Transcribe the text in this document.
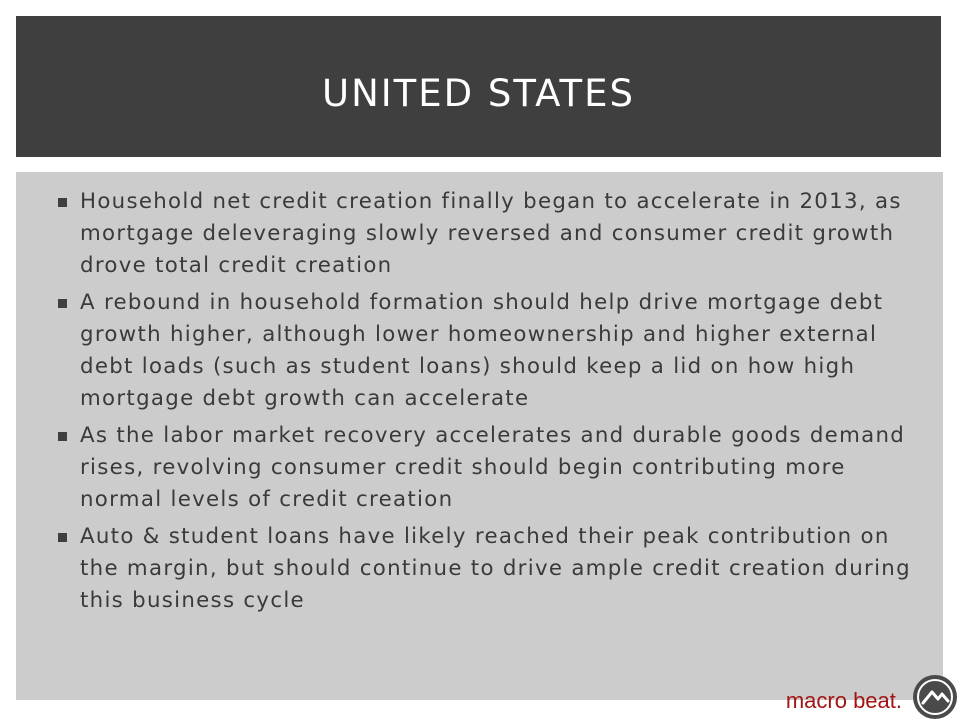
UNITED STATES
Household net credit creation finally began to accelerate in 2013, as mortgage deleveraging slowly reversed and consumer credit growth drove total credit creation
A rebound in household formation should help drive mortgage debt growth higher, although lower homeownership and higher external debt loads (such as student loans) should keep a lid on how high mortgage debt growth can accelerate
As the labor market recovery accelerates and durable goods demand rises, revolving consumer credit should begin contributing more normal levels of credit creation
Auto & student loans have likely reached their peak contribution on the margin, but should continue to drive ample credit creation during this business cycle
macro beat.
